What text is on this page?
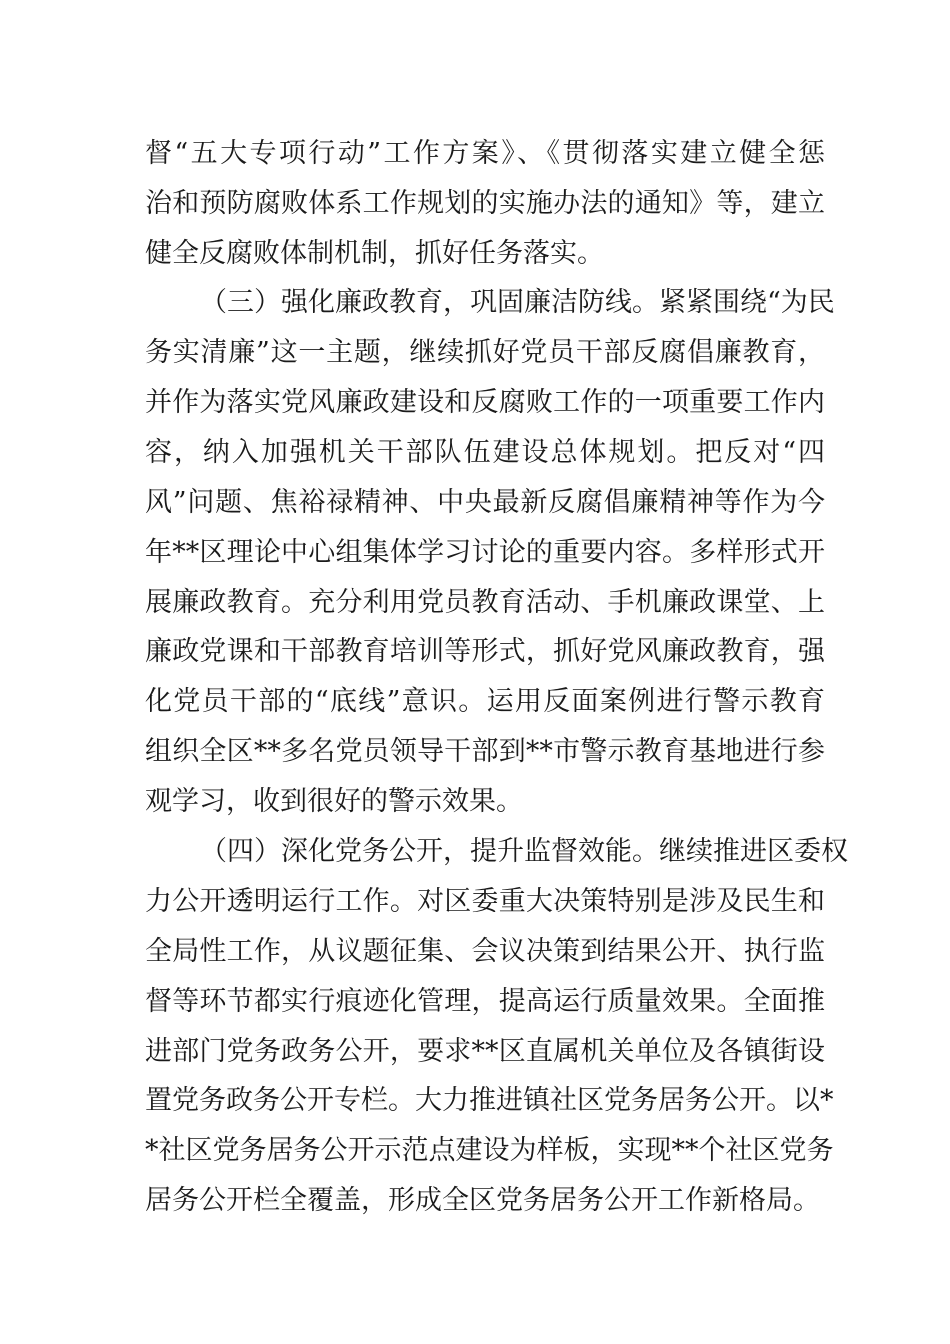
督“五大专项行动”工作方案》、《贯彻落实建立健全惩
治和预防腐败体系工作规划的实施办法的通知》等，建立
健全反腐败体制机制，抓好任务落实。
（三）强化廉政教育，巩固廉洁防线。紧紧围绕“为民
务实清廉”这一主题，继续抓好党员干部反腐倡廉教育，
并作为落实党风廉政建设和反腐败工作的一项重要工作内
容，纳入加强机关干部队伍建设总体规划。把反对“四
风”问题、焦裕禄精神、中央最新反腐倡廉精神等作为今
年**区理论中心组集体学习讨论的重要内容。多样形式开
展廉政教育。充分利用党员教育活动、手机廉政课堂、上
廉政党课和干部教育培训等形式，抓好党风廉政教育，强
化党员干部的“底线”意识。运用反面案例进行警示教育
组织全区**多名党员领导干部到**市警示教育基地进行参
观学习，收到很好的警示效果。
（四）深化党务公开，提升监督效能。继续推进区委权
力公开透明运行工作。对区委重大决策特别是涉及民生和
全局性工作，从议题征集、会议决策到结果公开、执行监
督等环节都实行痕迹化管理，提高运行质量效果。全面推
进部门党务政务公开，要求**区直属机关单位及各镇街设
置党务政务公开专栏。大力推进镇社区党务居务公开。以*
*社区党务居务公开示范点建设为样板，实现**个社区党务
居务公开栏全覆盖，形成全区党务居务公开工作新格局。
